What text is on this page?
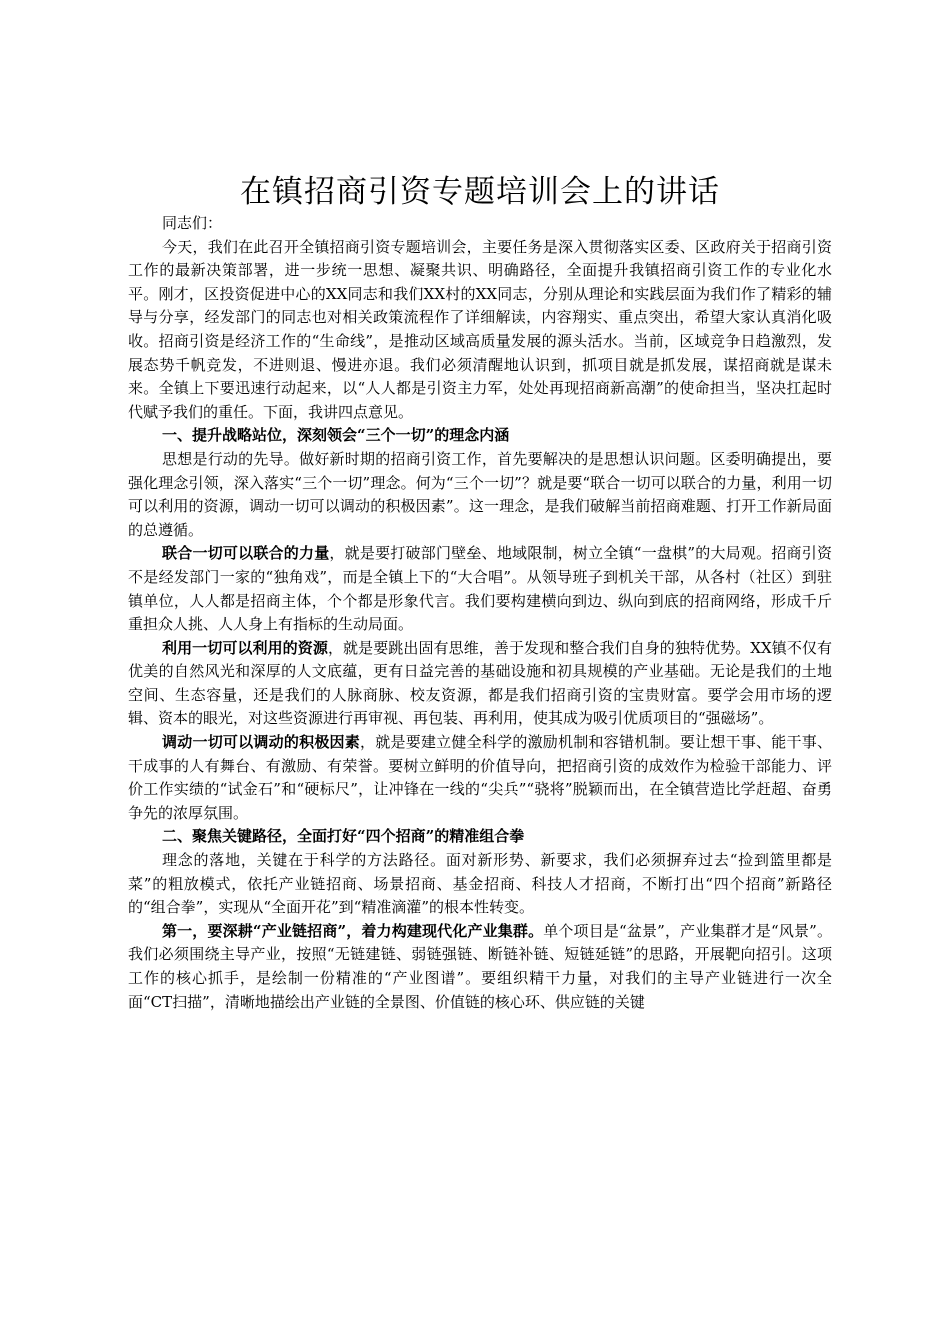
在镇招商引资专题培训会上的讲话

同志们：

今天，我们在此召开全镇招商引资专题培训会，主要任务是深入贯彻落实区委、区政府关于招商引资工作的最新决策部署，进一步统一思想、凝聚共识、明确路径，全面提升我镇招商引资工作的专业化水平。刚才，区投资促进中心的XX同志和我们XX村的XX同志，分别从理论和实践层面为我们作了精彩的辅导与分享，经发部门的同志也对相关政策流程作了详细解读，内容翔实、重点突出，希望大家认真消化吸收。招商引资是经济工作的“生命线”，是推动区域高质量发展的源头活水。当前，区域竞争日趋激烈，发展态势千帆竞发，不进则退、慢进亦退。我们必须清醒地认识到，抓项目就是抓发展，谋招商就是谋未来。全镇上下要迅速行动起来，以“人人都是引资主力军，处处再现招商新高潮”的使命担当，坚决扛起时代赋予我们的重任。下面，我讲四点意见。

一、提升战略站位，深刻领会“三个一切”的理念内涵

思想是行动的先导。做好新时期的招商引资工作，首先要解决的是思想认识问题。区委明确提出，要强化理念引领，深入落实“三个一切”理念。何为“三个一切”？就是要“联合一切可以联合的力量，利用一切可以利用的资源，调动一切可以调动的积极因素”。这一理念，是我们破解当前招商难题、打开工作新局面的总遵循。

联合一切可以联合的力量，就是要打破部门壁垒、地域限制，树立全镇“一盘棋”的大局观。招商引资不是经发部门一家的“独角戏”，而是全镇上下的“大合唱”。从领导班子到机关干部，从各村（社区）到驻镇单位，人人都是招商主体，个个都是形象代言。我们要构建横向到边、纵向到底的招商网络，形成千斤重担众人挑、人人身上有指标的生动局面。

利用一切可以利用的资源，就是要跳出固有思维，善于发现和整合我们自身的独特优势。XX镇不仅有优美的自然风光和深厚的人文底蕴，更有日益完善的基础设施和初具规模的产业基础。无论是我们的土地空间、生态容量，还是我们的人脉商脉、校友资源，都是我们招商引资的宝贵财富。要学会用市场的逻辑、资本的眼光，对这些资源进行再审视、再包装、再利用，使其成为吸引优质项目的“强磁场”。

调动一切可以调动的积极因素，就是要建立健全科学的激励机制和容错机制。要让想干事、能干事、干成事的人有舞台、有激励、有荣誉。要树立鲜明的价值导向，把招商引资的成效作为检验干部能力、评价工作实绩的“试金石”和“硬标尺”，让冲锋在一线的“尖兵”“骁将”脱颖而出，在全镇营造比学赶超、奋勇争先的浓厚氛围。

二、聚焦关键路径，全面打好“四个招商”的精准组合拳

理念的落地，关键在于科学的方法路径。面对新形势、新要求，我们必须摒弃过去“捡到篮里都是菜”的粗放模式，依托产业链招商、场景招商、基金招商、科技人才招商，不断打出“四个招商”新路径的“组合拳”，实现从“全面开花”到“精准滴灌”的根本性转变。

第一，要深耕“产业链招商”，着力构建现代化产业集群。单个项目是“盆景”，产业集群才是“风景”。我们必须围绕主导产业，按照“无链建链、弱链强链、断链补链、短链延链”的思路，开展靶向招引。这项工作的核心抓手，是绘制一份精准的“产业图谱”。要组织精干力量，对我们的主导产业链进行一次全面“CT扫描”，清晰地描绘出产业链的全景图、价值链的核心环、供应链的关键
